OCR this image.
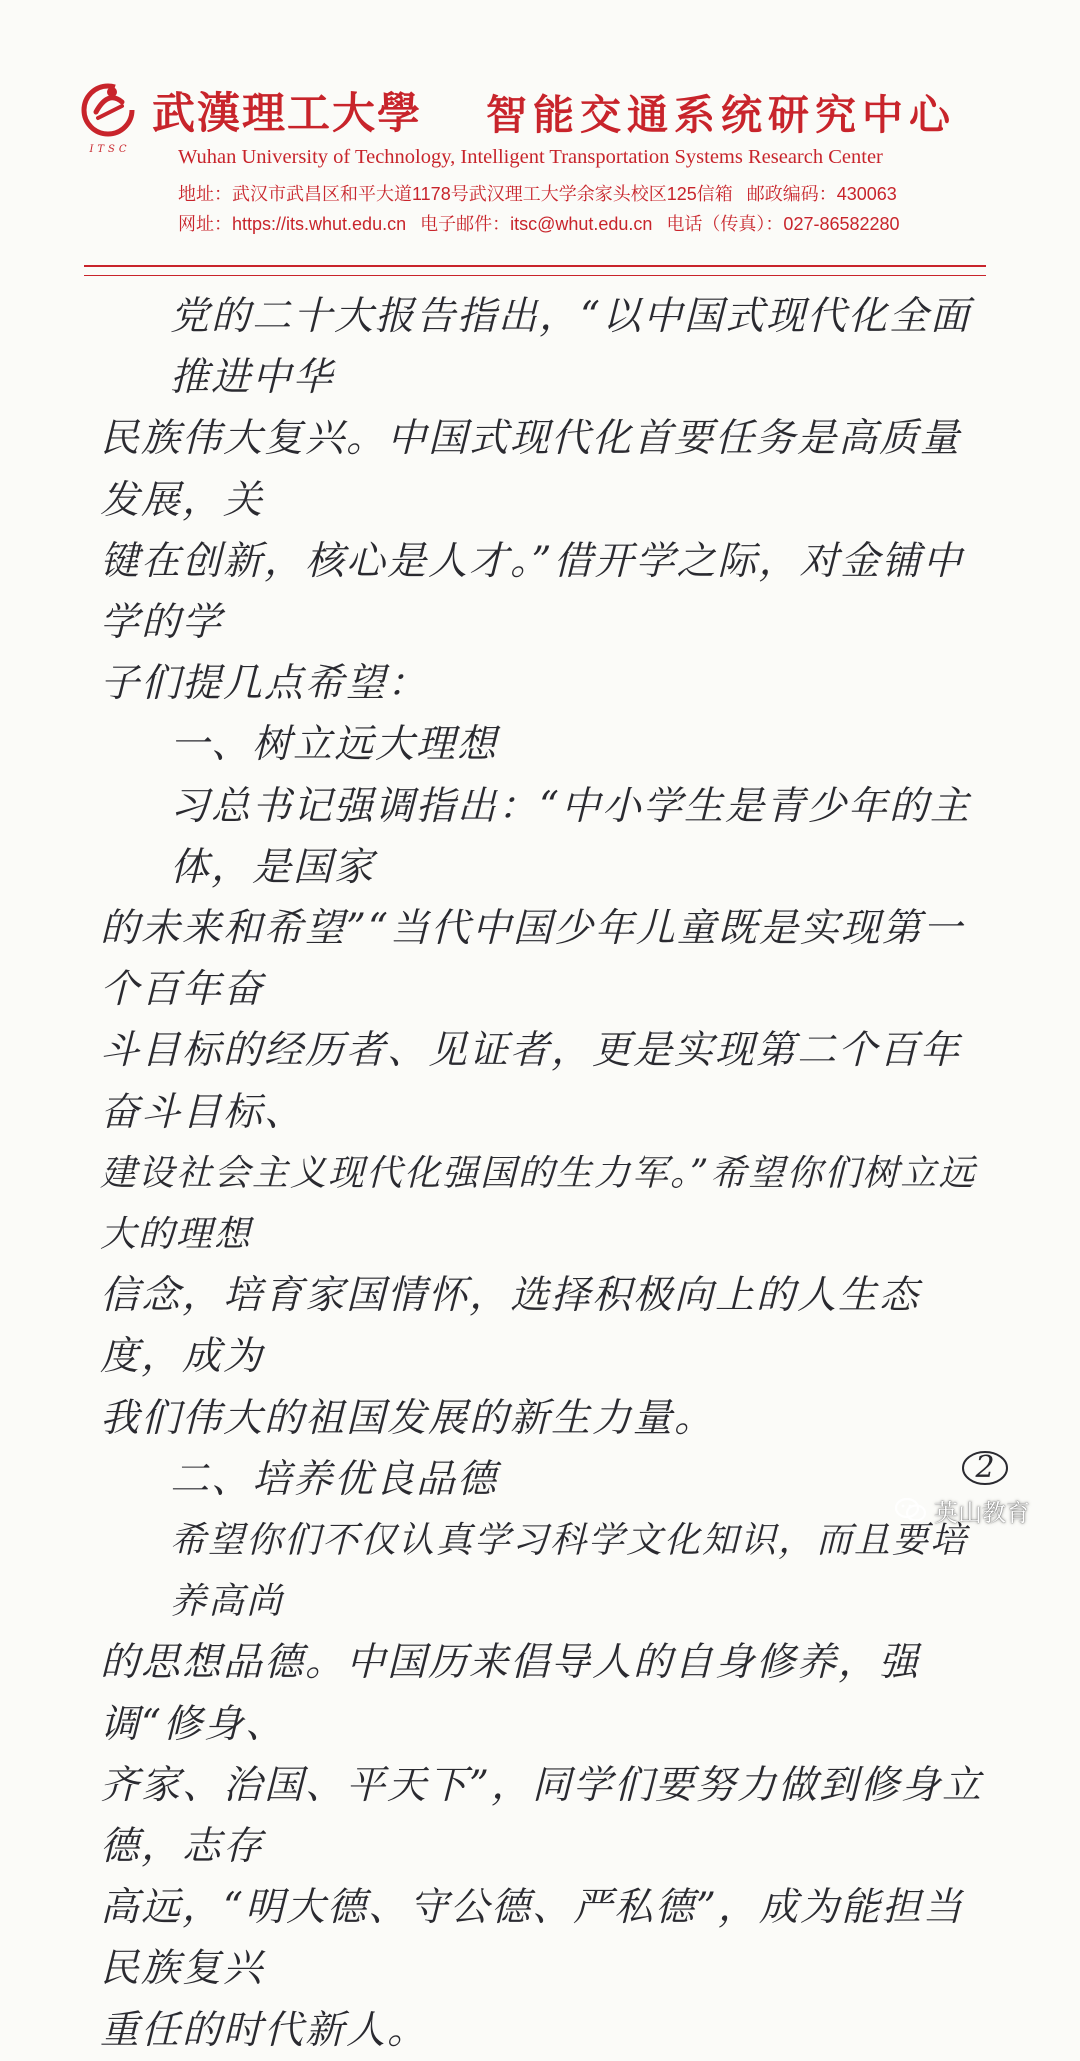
ITSC
武漢理工大學 智能交通系统研究中心
Wuhan University of Technology, Intelligent Transportation Systems Research Center
地址：武汉市武昌区和平大道1178号武汉理工大学余家头校区125信箱 邮政编码：430063
网址：https://its.whut.edu.cn 电子邮件：itsc@whut.edu.cn 电话（传真）：027-86582280

党的二十大报告指出，“以中国式现代化全面推进中华

民族伟大复兴。中国式现代化首要任务是高质量发展，关

键在创新，核心是人才。”借开学之际，对金铺中学的学

子们提几点希望：

一、树立远大理想

习总书记强调指出：“中小学生是青少年的主体，是国家

的未来和希望”“当代中国少年儿童既是实现第一个百年奋

斗目标的经历者、见证者，更是实现第二个百年奋斗目标、

建设社会主义现代化强国的生力军。”希望你们树立远大的理想

信念，培育家国情怀，选择积极向上的人生态度，成为

我们伟大的祖国发展的新生力量。

二、培养优良品德

希望你们不仅认真学习科学文化知识，而且要培养高尚

的思想品德。中国历来倡导人的自身修养，强调“修身、

齐家、治国、平天下”，同学们要努力做到修身立德，志存

高远，“明大德、守公德、严私德”，成为能担当民族复兴

重任的时代新人。

2
英山教育
